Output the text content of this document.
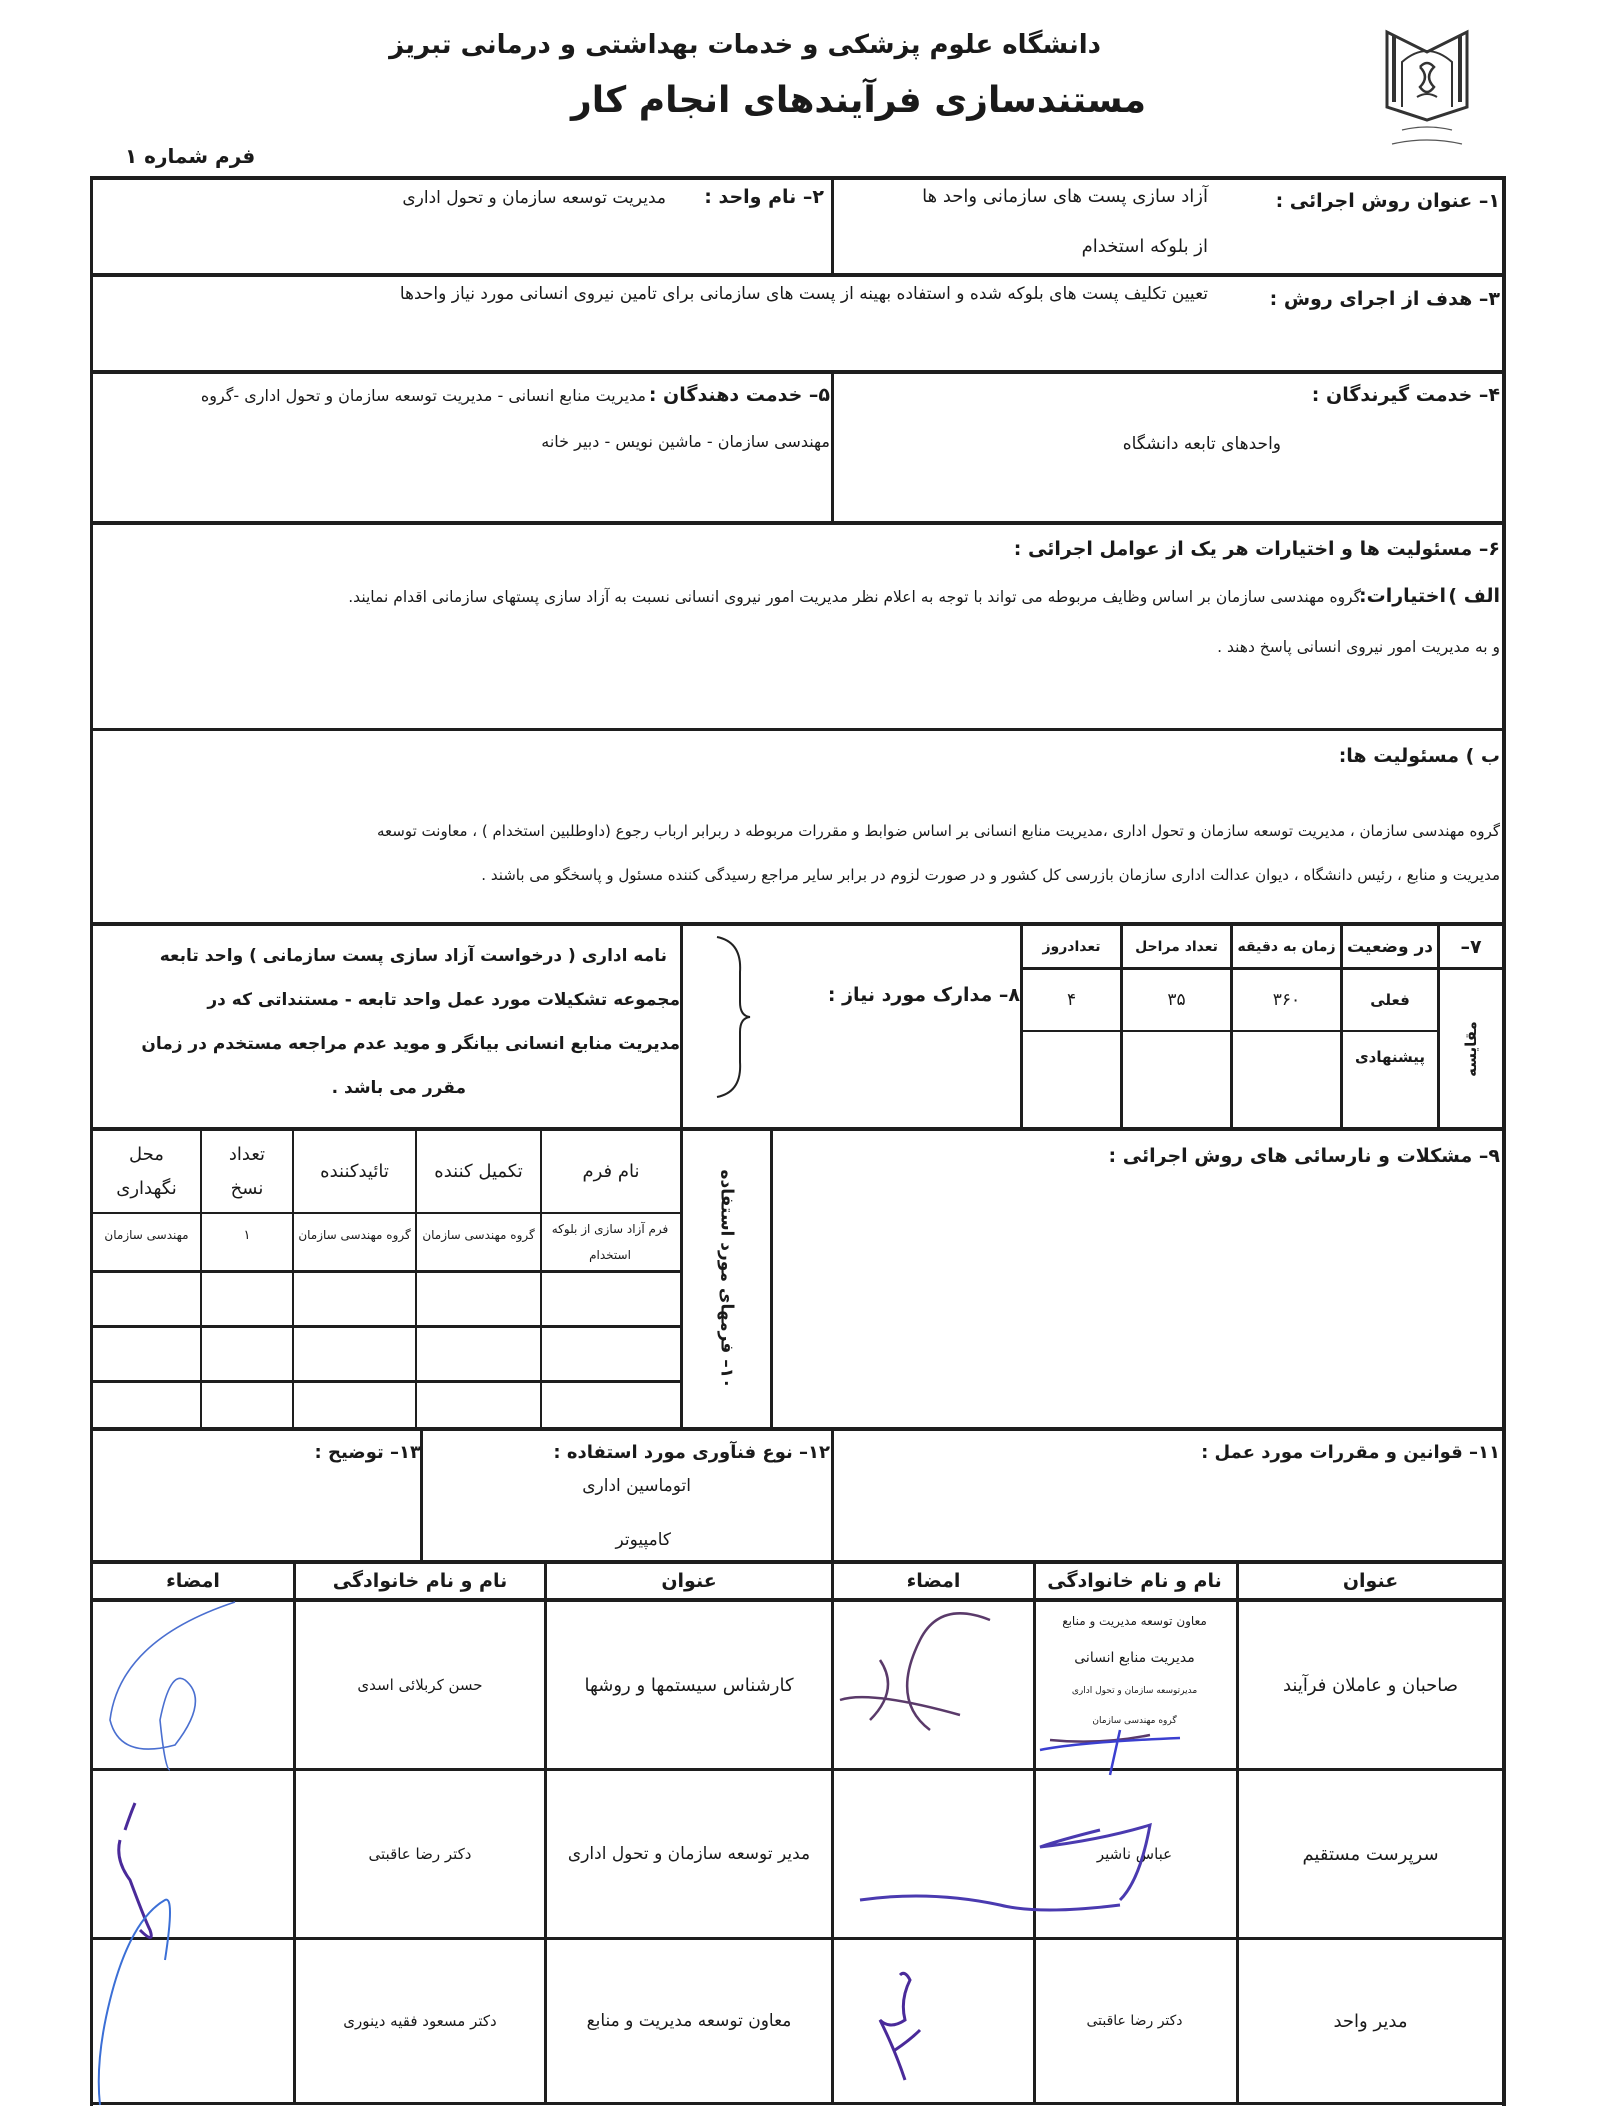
دانشگاه علوم پزشکی و خدمات بهداشتی و درمانی تبریز
مستندسازی فرآیندهای انجام کار
فرم شماره ۱
۱– عنوان روش اجرائی :
آزاد سازی پست های سازمانی واحد ها
از بلوکه استخدام
۲– نام واحد :
مدیریت توسعه سازمان و تحول اداری
۳– هدف از اجرای روش :
تعیین تکلیف پست های بلوکه شده و استفاده بهینه از پست های سازمانی برای تامین نیروی انسانی مورد نیاز واحدها
۴– خدمت گیرندگان :
واحدهای تابعه دانشگاه
۵– خدمت دهندگان :
مدیریت منابع انسانی - مدیریت توسعه سازمان و تحول اداری -گروه
مهندسی سازمان - ماشین نویس - دبیر خانه
۶– مسئولیت ها و اختیارات هر یک از عوامل اجرائی :
الف )
اختیارات:
گروه مهندسی سازمان بر اساس وظایف مربوطه می تواند با توجه به اعلام نظر مدیریت امور نیروی انسانی نسبت به آزاد سازی پستهای سازمانی اقدام نمایند.
و به مدیریت امور نیروی انسانی پاسخ دهند .
ب ) مسئولیت ها:
گروه مهندسی سازمان ، مدیریت توسعه سازمان و تحول اداری ،مدیریت منابع انسانی بر اساس ضوابط و مقررات مربوطه د ربرابر ارباب رجوع (داوطلبین استخدام ) ، معاونت توسعه
مدیریت و منابع ، رئیس دانشگاه ، دیوان عدالت اداری سازمان بازرسی کل کشور و در صورت لزوم در برابر سایر مراجع رسیدگی کننده مسئول و پاسخگو می باشند .
۷–
مقایسه
در وضعیت
زمان به دقیقه
تعداد مراحل
تعدادروز
فعلی
۳۶۰
۳۵
۴
پیشنهادی
۸– مدارک مورد نیاز :
نامه اداری ( درخواست آزاد سازی پست سازمانی ) واحد تابعه
مجموعه تشکیلات مورد عمل واحد تابعه - مستنداتی که در
مدیریت منابع انسانی بیانگر و موید عدم مراجعه مستخدم در زمان
مقرر می باشد .
۹– مشکلات و نارسائی های روش اجرائی :
۱۰– فرمهای مورد استفاده
نام فرم
تکمیل کننده
تائیدکننده
تعداد نسخ
محل نگهداری
فرم آزاد سازی از بلوکه استخدام
گروه مهندسی سازمان
گروه مهندسی سازمان
۱
مهندسی سازمان
۱۱– قوانین و مقررات مورد عمل :
۱۲– نوع فنآوری مورد استفاده :
اتوماسین اداری
کامپیوتر
۱۳– توضیح :
عنوان
نام و نام خانوادگی
امضاء
عنوان
نام و نام خانوادگی
امضاء
صاحبان و عاملان فرآیند
معاون توسعه مدیریت و منابع
مدیریت منابع انسانی
مدیرتوسعه سازمان و تحول اداری
گروه مهندسی سازمان
سرپرست مستقیم
عباس ناشیر
مدیر واحد
دکتر رضا عاقبتی
کارشناس سیستمها و روشها
حسن کربلائی اسدی
مدیر توسعه سازمان و تحول اداری
دکتر رضا عاقبتی
معاون توسعه مدیریت و منابع
دکتر مسعود فقیه دینوری
